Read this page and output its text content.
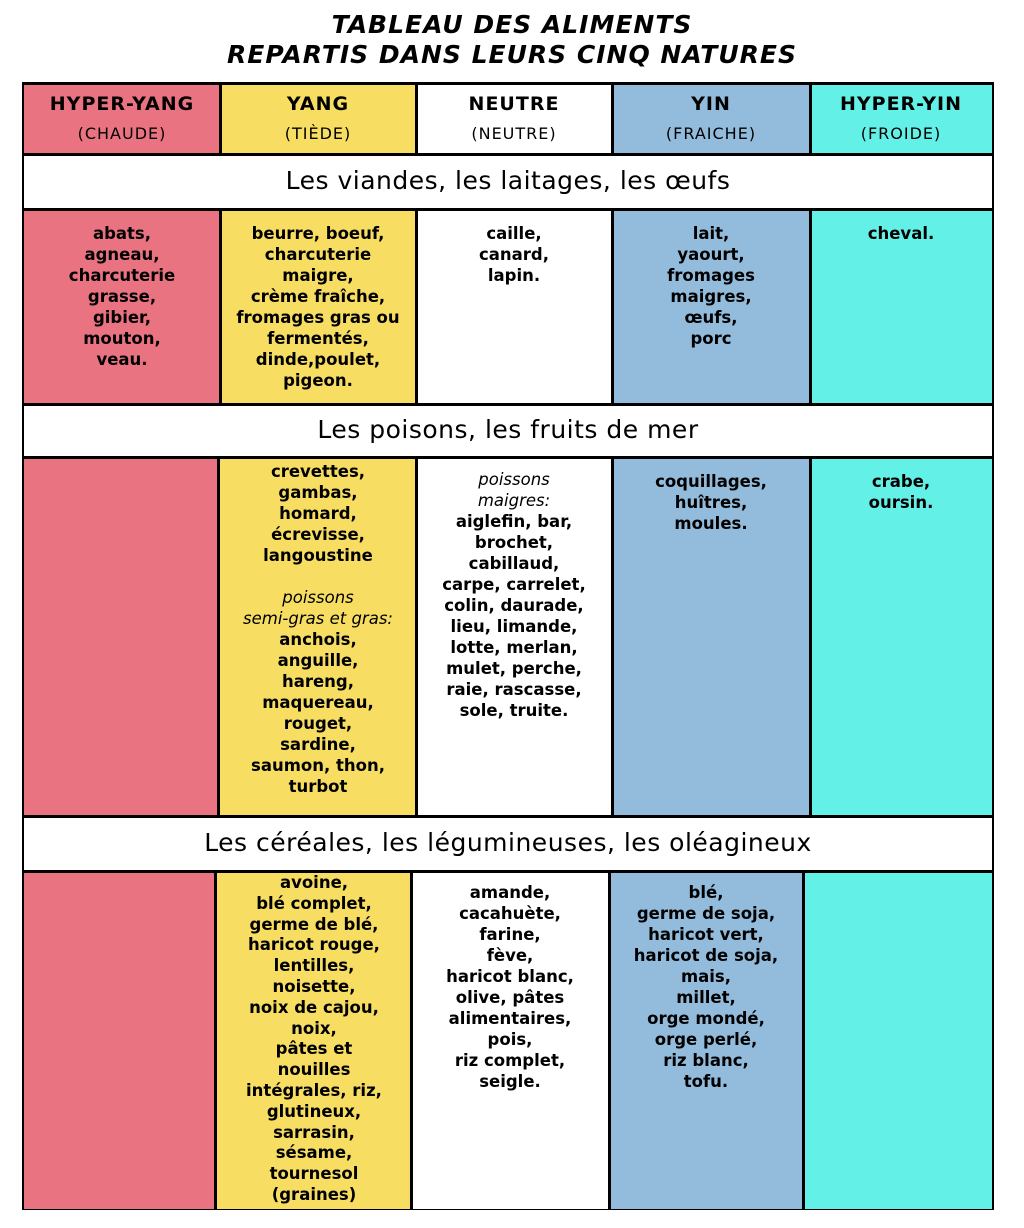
TABLEAU DES ALIMENTS
REPARTIS DANS LEURS CINQ NATURES
HYPER-YANG
(CHAUDE)
YANG
(TIÈDE)
NEUTRE
(NEUTRE)
YIN
(FRAICHE)
HYPER-YIN
(FROIDE)
Les viandes, les laitages, les œufs
abats,
agneau,
charcuterie
grasse,
gibier,
mouton,
veau.
beurre, boeuf,
charcuterie
maigre,
crème fraîche,
fromages gras ou
fermentés,
dinde,poulet,
pigeon.
caille,
canard,
lapin.
lait,
yaourt,
fromages
maigres,
œufs,
porc
cheval.
Les poisons, les fruits de mer
crevettes,
gambas,
homard,
écrevisse,
langoustine
poissons
semi-gras et gras:
anchois,
anguille,
hareng,
maquereau,
rouget,
sardine,
saumon, thon,
turbot
poissons
maigres:
aiglefin, bar,
brochet,
cabillaud,
carpe, carrelet,
colin, daurade,
lieu, limande,
lotte, merlan,
mulet, perche,
raie, rascasse,
sole, truite.
coquillages,
huîtres,
moules.
crabe,
oursin.
Les céréales, les légumineuses, les oléagineux
avoine,
blé complet,
germe de blé,
haricot rouge,
lentilles,
noisette,
noix de cajou,
noix,
pâtes et
nouilles
intégrales, riz,
glutineux,
sarrasin,
sésame,
tournesol
(graines)
amande,
cacahuète,
farine,
fève,
haricot blanc,
olive, pâtes
alimentaires,
pois,
riz complet,
seigle.
blé,
germe de soja,
haricot vert,
haricot de soja,
mais,
millet,
orge mondé,
orge perlé,
riz blanc,
tofu.
